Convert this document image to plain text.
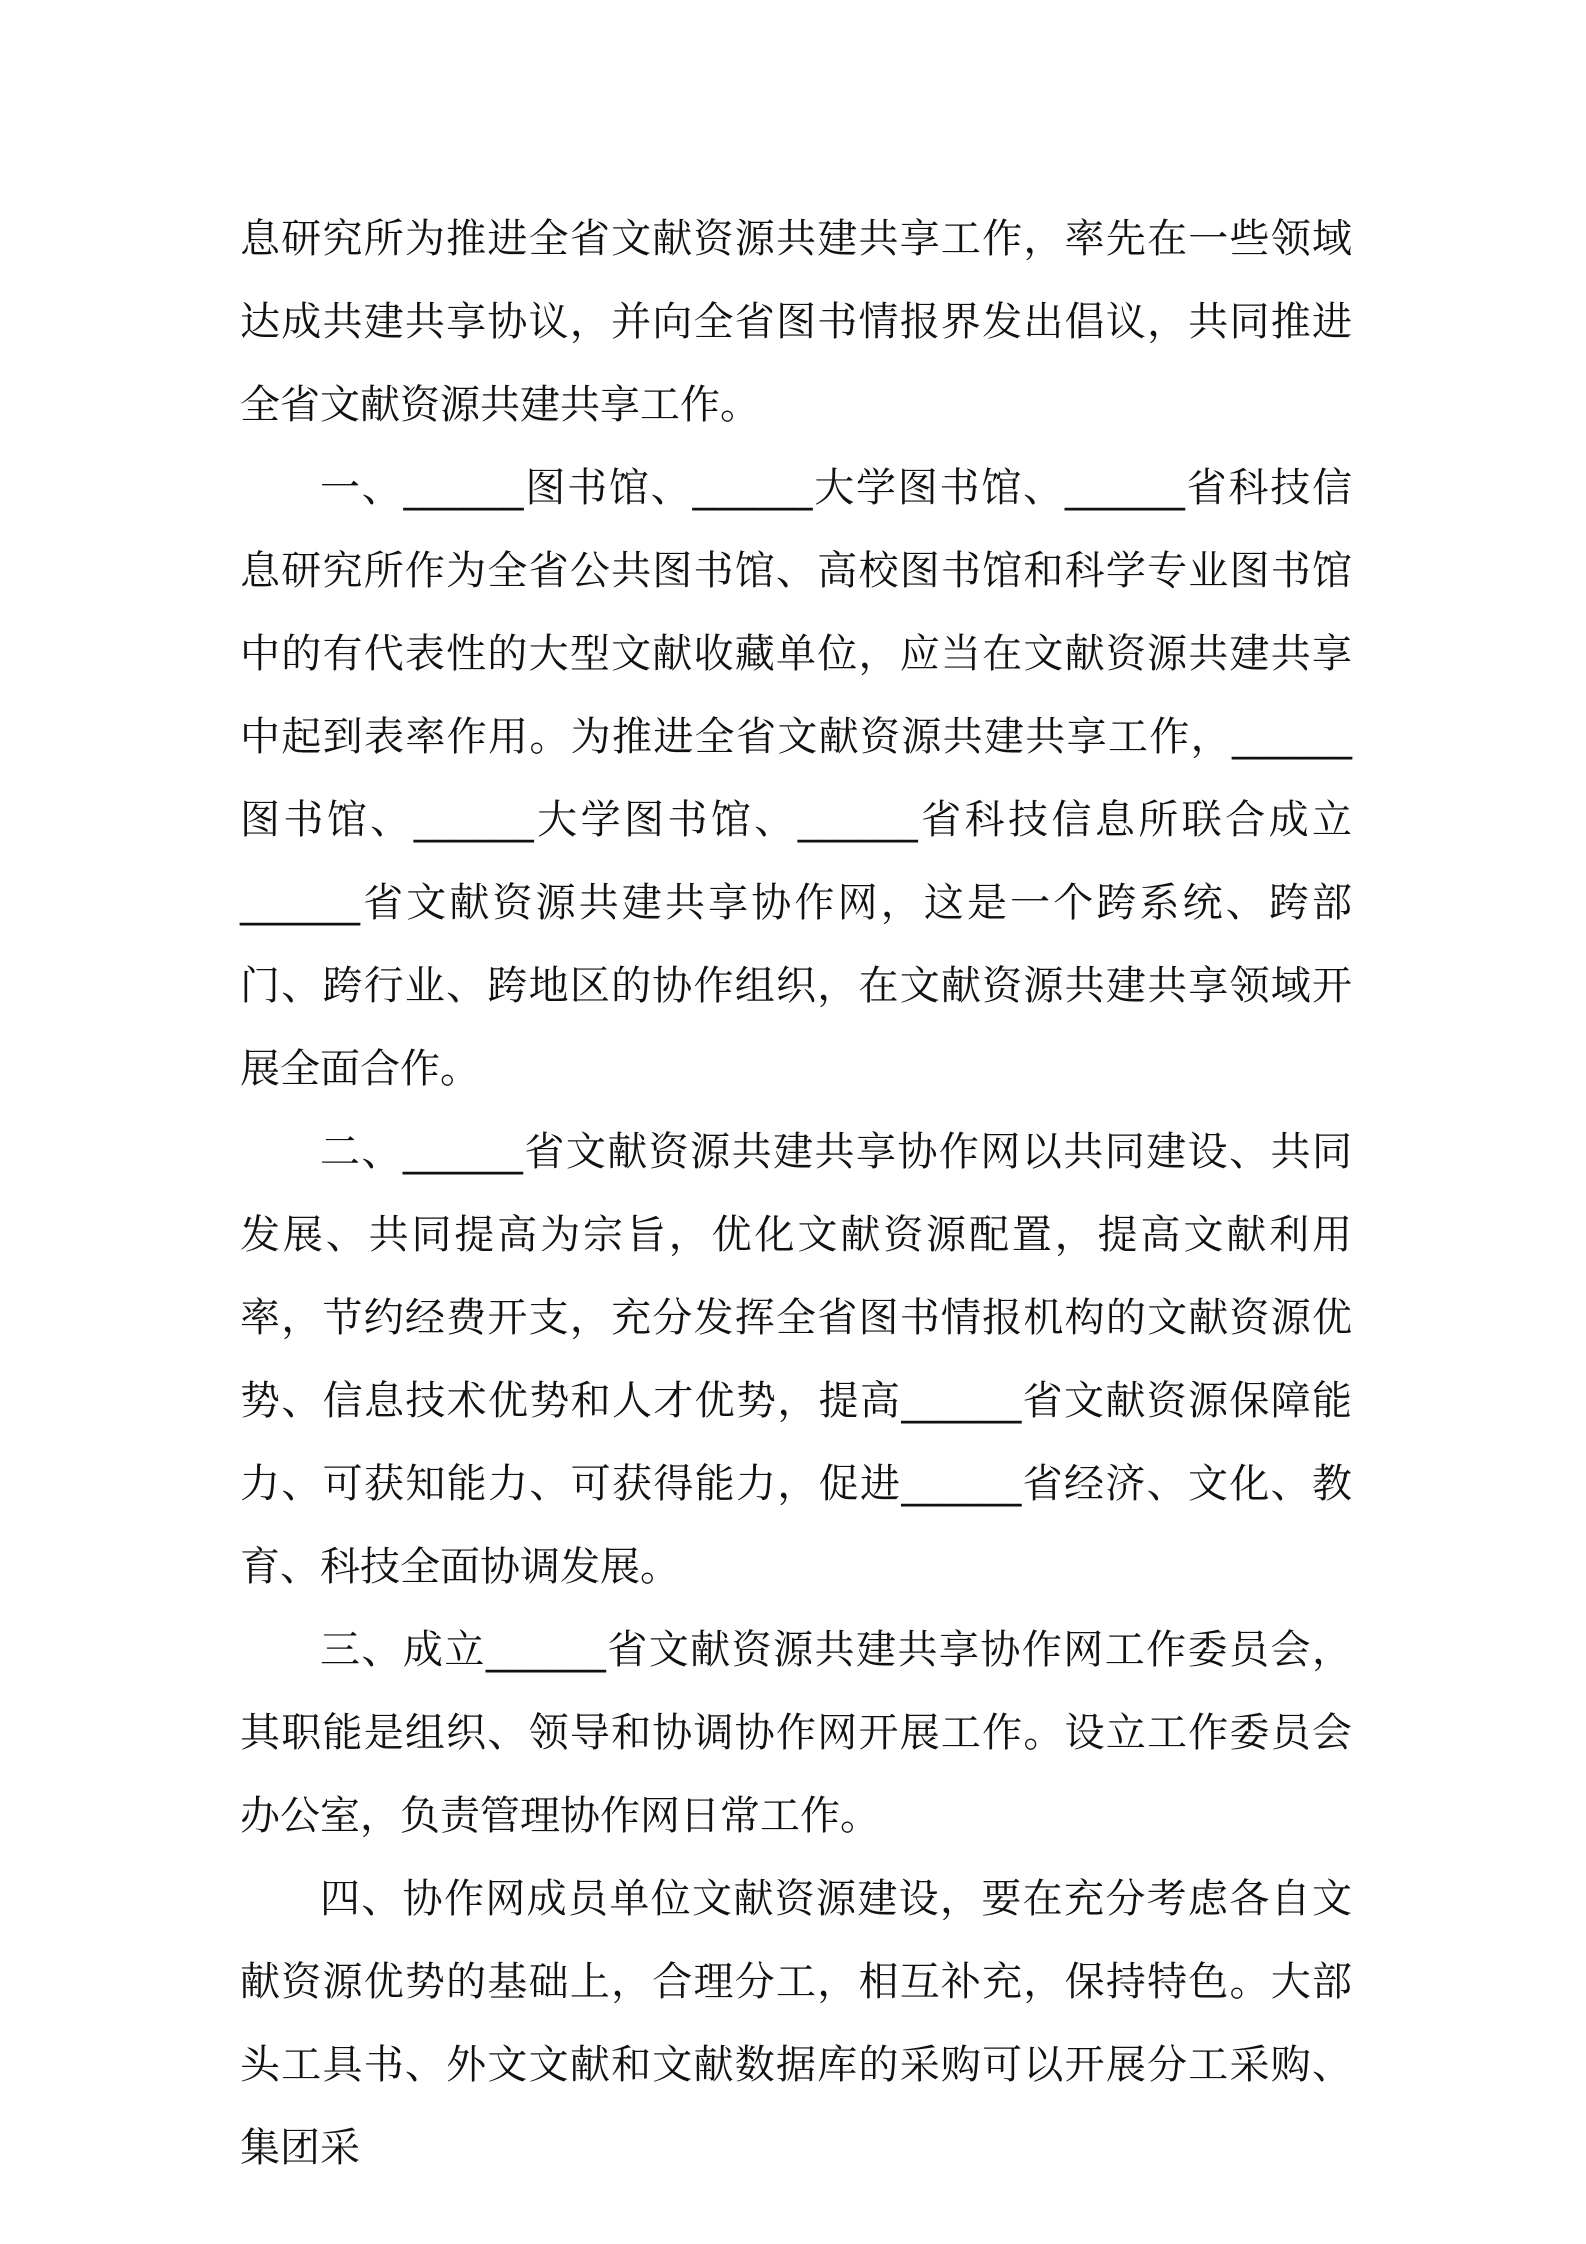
息研究所为推进全省文献资源共建共享工作，率先在一些领域达成共建共享协议，并向全省图书情报界发出倡议，共同推进全省文献资源共建共享工作。

一、______图书馆、______大学图书馆、______省科技信息研究所作为全省公共图书馆、高校图书馆和科学专业图书馆中的有代表性的大型文献收藏单位，应当在文献资源共建共享中起到表率作用。为推进全省文献资源共建共享工作，______图书馆、______大学图书馆、______省科技信息所联合成立______省文献资源共建共享协作网，这是一个跨系统、跨部门、跨行业、跨地区的协作组织，在文献资源共建共享领域开展全面合作。

二、______省文献资源共建共享协作网以共同建设、共同发展、共同提高为宗旨，优化文献资源配置，提高文献利用率，节约经费开支，充分发挥全省图书情报机构的文献资源优势、信息技术优势和人才优势，提高______省文献资源保障能力、可获知能力、可获得能力，促进______省经济、文化、教育、科技全面协调发展。

三、成立______省文献资源共建共享协作网工作委员会，其职能是组织、领导和协调协作网开展工作。设立工作委员会办公室，负责管理协作网日常工作。

四、协作网成员单位文献资源建设，要在充分考虑各自文献资源优势的基础上，合理分工，相互补充，保持特色。大部头工具书、外文文献和文献数据库的采购可以开展分工采购、集团采
